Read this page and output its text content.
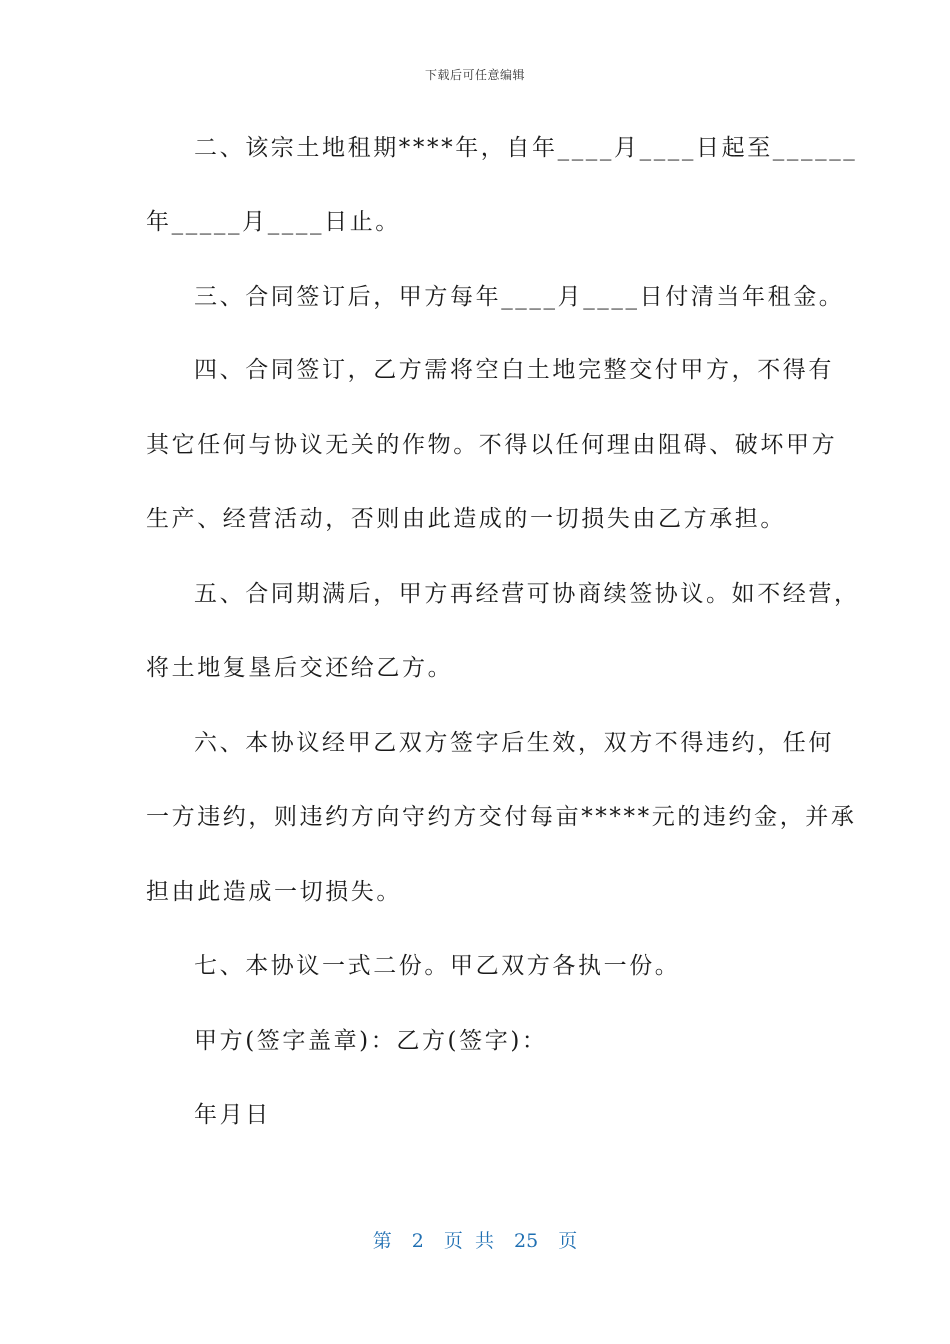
下载后可任意编辑
二、该宗土地租期****年，自年____月____日起至______
年_____月____日止。
三、合同签订后，甲方每年____月____日付清当年租金。
四、合同签订，乙方需将空白土地完整交付甲方，不得有
其它任何与协议无关的作物。不得以任何理由阻碍、破坏甲方
生产、经营活动，否则由此造成的一切损失由乙方承担。
五、合同期满后，甲方再经营可协商续签协议。如不经营，
将土地复垦后交还给乙方。
六、本协议经甲乙双方签字后生效，双方不得违约，任何
一方违约，则违约方向守约方交付每亩*****元的违约金，并承
担由此造成一切损失。
七、本协议一式二份。甲乙双方各执一份。
甲方(签字盖章)：乙方(签字)：
年月日
第 2 页 共 25 页
